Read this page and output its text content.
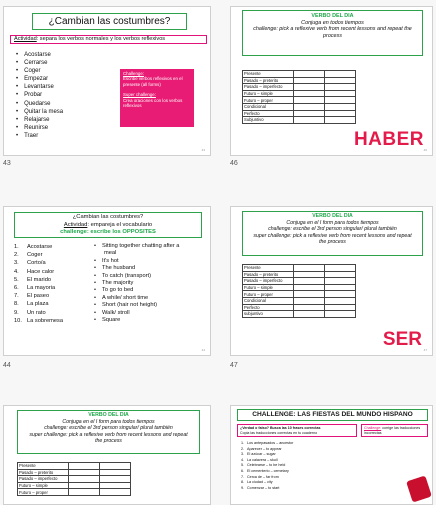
¿Cambian las costumbres?
Actividad: separa los verbos normales y los verbos reflexivos
• Acostarse
• Cerrarse
• Coger
• Empezar
• Levantarse
• Probar
• Quedarse
• Quitar la mesa
• Relajarse
• Reunirse
• Traer
Challenge:
Escribe verbos reflexivos en el presente (all forms)
Super challenge:
Crea oraciones con los verbos reflexivos
43
43
VERBO DEL DIA
Conjuga en todos tiempos
challenge: pick a reflexive verb from recent lessons and repeat the process
Presente		
Pasado – preterito		
Pasado – imperfecto		
Futuro – simple		
Futuro – proper		
Condicional		
Perfecto		
Subjuntivo		
HABER 46
46
¿Cambian las costumbres?
Actividad: empareja el vocabulario
challenge: escribe los OPPOSITES
1. Acostarse
2. Coger
3. Corto/a
4. Hace calor
5. El marido
6. La mayoria
7. El paseo
8. La plaza
9. Un rato
10. La sobremesa
• Sitting together chatting after a meal
• It's hot
• The husband
• To catch (transport)
• The majority
• To go to bed
• A while/ short time
• Short (hair not height)
• Walk/ stroll
• Square
44
44
VERBO DEL DIA
Conjuga en el I form para todos tiempos
challenge: escribe el 3rd person singular/ plural también
super challenge: pick a reflexive verb from recent lessons and repeat the process
Presente		
Pasado – preterito		
Pasado – imperfecto		
Futuro – simple		
Futuro – proper		
Condicional		
Perfecto		
subjuntivo		
SER 47
47
VERBO DEL DIA
Conjuga en el I form para todos tiempos
challenge: escribe el 3rd person singular/ plural también
super challenge: pick a reflexive verb from recent lessons and repeat the process
Presente		
Pasado – preterito		
Pasado – imperfecto		
Futuro – simple		
Futuro – proper		
CHALLENGE: LAS FIESTAS DEL MUNDO HISPANO
¿Verdad o falso? Busca las 10 frases correctas
Copia las traducciones correctas en tu cuaderno
Challenge: corrige las traducciones incorrectas
1. Los antepasados – ancestor
2. Aparecer – to appear
3. El azúcar – sugar
4. La calavera – skull
5. Celebrarse – to be held
6. El cementerio – cemetary
7. Cerca de – far from
8. La ciudad – city
9. Comenzar – to start
